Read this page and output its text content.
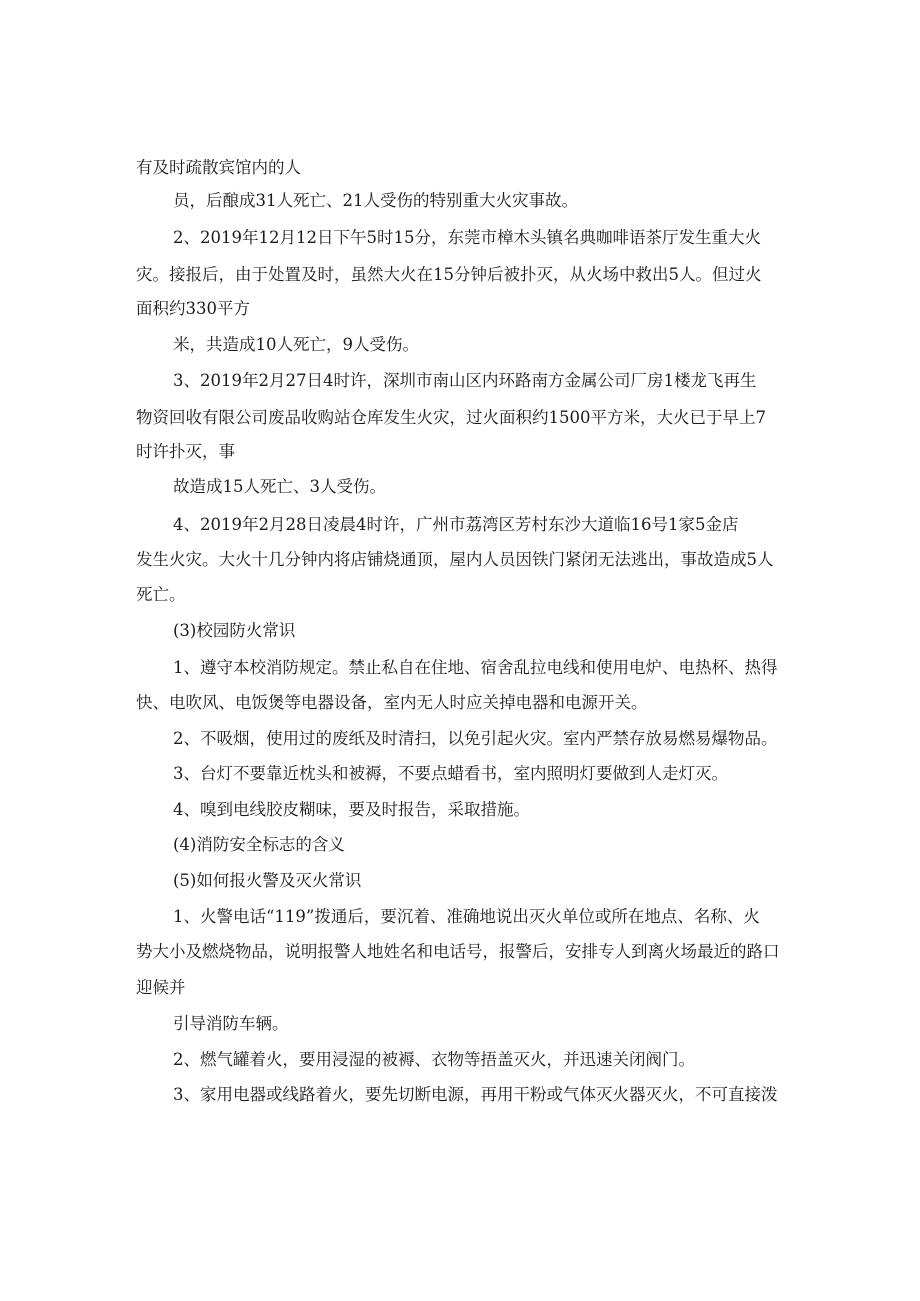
有及时疏散宾馆内的人

员，后酿成31人死亡、21人受伤的特别重大火灾事故。

2、2019年12月12日下午5时15分，东莞市樟木头镇名典咖啡语茶厅发生重大火

灾。接报后，由于处置及时，虽然大火在15分钟后被扑灭，从火场中救出5人。但过火

面积约330平方

米，共造成10人死亡，9人受伤。

3、2019年2月27日4时许，深圳市南山区内环路南方金属公司厂房1楼龙飞再生

物资回收有限公司废品收购站仓库发生火灾，过火面积约1500平方米，大火已于早上7

时许扑灭，事

故造成15人死亡、3人受伤。

4、2019年2月28日凌晨4时许，广州市荔湾区芳村东沙大道临16号1家5金店

发生火灾。大火十几分钟内将店铺烧通顶，屋内人员因铁门紧闭无法逃出，事故造成5人

死亡。

(3)校园防火常识

1、遵守本校消防规定。禁止私自在住地、宿舍乱拉电线和使用电炉、电热杯、热得

快、电吹风、电饭煲等电器设备，室内无人时应关掉电器和电源开关。

2、不吸烟，使用过的废纸及时清扫，以免引起火灾。室内严禁存放易燃易爆物品。

3、台灯不要靠近枕头和被褥，不要点蜡看书，室内照明灯要做到人走灯灭。

4、嗅到电线胶皮糊味，要及时报告，采取措施。

(4)消防安全标志的含义

(5)如何报火警及灭火常识

1、火警电话“119”拨通后，要沉着、准确地说出灭火单位或所在地点、名称、火

势大小及燃烧物品，说明报警人地姓名和电话号，报警后，安排专人到离火场最近的路口

迎候并

引导消防车辆。

2、燃气罐着火，要用浸湿的被褥、衣物等捂盖灭火，并迅速关闭阀门。

3、家用电器或线路着火，要先切断电源，再用干粉或气体灭火器灭火，不可直接泼
